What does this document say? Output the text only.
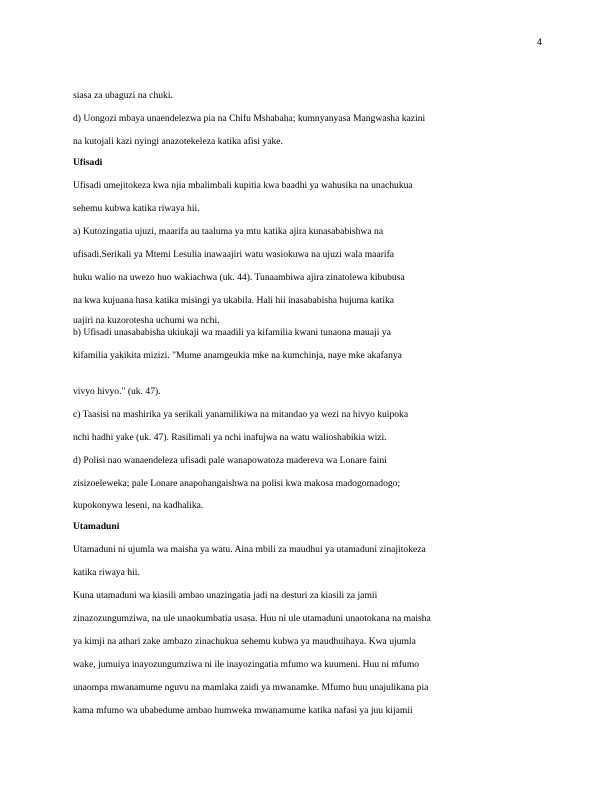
4
siasa za ubaguzi na chuki.
d) Uongozi mbaya unaendelezwa pia na Chifu Mshabaha; kumnyanyasa Mangwasha kazini
na kutojali kazi nyingi anazotekeleza katika afisi yake.
Ufisadi
Ufisadi umejitokeza kwa njia mbalimbali kupitia kwa baadhi ya wahusika na unachukua
sehemu kubwa katika riwaya hii.
a) Kutozingatia ujuzi, maarifa au taaluma ya mtu katika ajira kunasababishwa na
ufisadi.Serikali ya Mtemi Lesulia inawaajiri watu wasiokuwa na ujuzi wala maarifa
huku walio na uwezo huo wakiachwa (uk. 44). Tunaambiwa ajira zinatolewa kibubusa
na kwa kujuana hasa katika misingi ya ukabila. Hali hii inasababisha hujuma katika
uajiri na kuzorotesha uchumi wa nchi.
b) Ufisadi unasababisha ukiukaji wa maadili ya kifamilia kwani tunaona mauaji ya
kifamilia yakikita mizizi. "Mume anamgeukia mke na kumchinja, naye mke akafanya
vivyo hivyo." (uk. 47).
c) Taasisi na mashirika ya serikali yanamilikiwa na mitandao ya wezi na hivyo kuipoka
nchi hadhi yake (uk. 47). Rasilimali ya nchi inafujwa na watu walioshabikia wizi.
d) Polisi nao wanaendeleza ufisadi pale wanapowatoza madereva wa Lonare faini
zisizoeleweka; pale Lonare anapohangaishwa na polisi kwa makosa madogomadogo;
kupokonywa leseni, na kadhalika.
Utamaduni
Utamaduni ni ujumla wa maisha ya watu. Aina mbili za maudhui ya utamaduni zinajitokeza
katika riwaya hii.
Kuna utamaduni wa kiasili ambao unazingatia jadi na desturi za kiasili za jamii
zinazozungumziwa, na ule unaokumbatia usasa. Huu ni ule utamaduni unaotokana na maisha
ya kimji na athari zake ambazo zinachukua sehemu kubwa ya maudhuihaya. Kwa ujumla
wake, jumuiya inayozungumziwa ni ile inayozingatia mfumo wa kuumeni. Huu ni mfumo
unaompa mwanamume nguvu na mamlaka zaidi ya mwanamke. Mfumo huu unajulikana pia
kama mfumo wa ubabedume ambao humweka mwanamume katika nafasi ya juu kijamii
